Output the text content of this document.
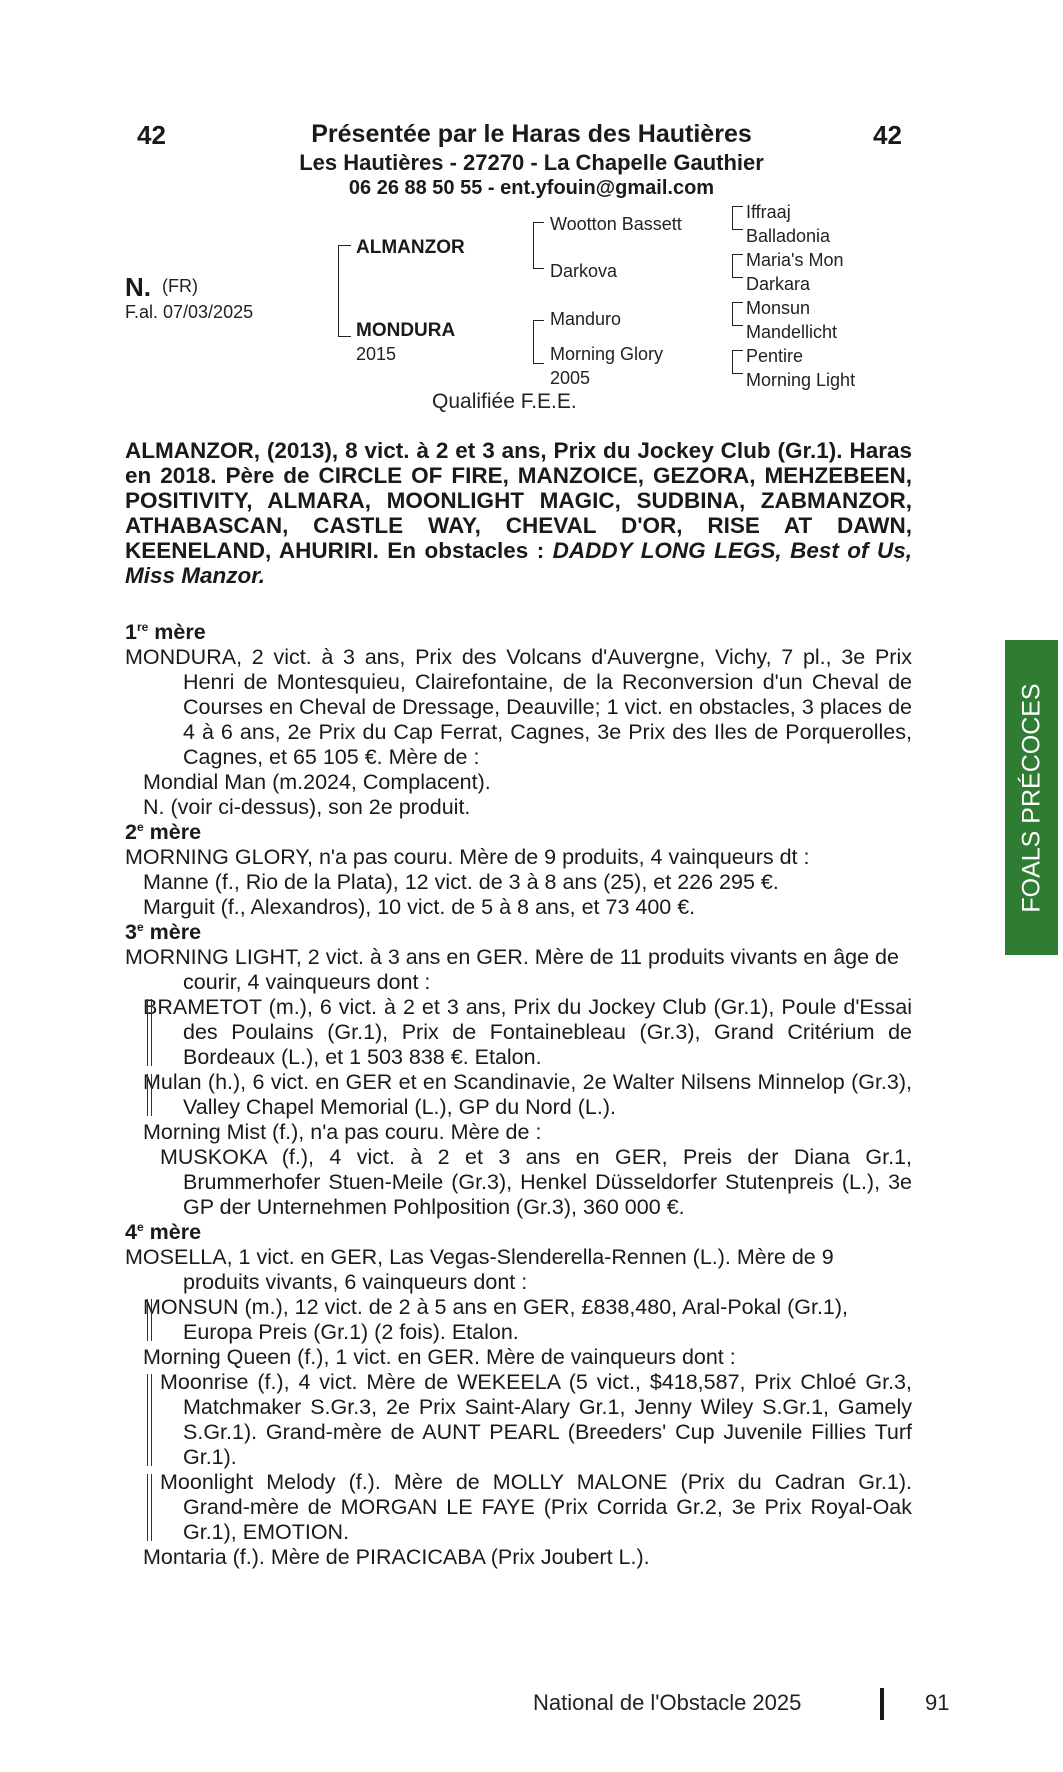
42	42
Présentée par le Haras des Hautières
Les Hautières - 27270 - La Chapelle Gauthier
06 26 88 50 55 - ent.yfouin@gmail.com
N. (FR)
F.al. 07/03/2025
ALMANZOR
MONDURA
2015
Wootton Bassett
Darkova
Manduro
Morning Glory
2005
Iffraaj
Balladonia
Maria's Mon
Darkara
Monsun
Mandellicht
Pentire
Morning Light
Qualifiée F.E.E.
ALMANZOR, (2013), 8 vict. à 2 et 3 ans, Prix du Jockey Club (Gr.1). Haras en 2018. Père de CIRCLE OF FIRE, MANZOICE, GEZORA, MEHZEBEEN, POSITIVITY, ALMARA, MOONLIGHT MAGIC, SUDBINA, ZABMANZOR, ATHABASCAN, CASTLE WAY, CHEVAL D'OR, RISE AT DAWN, KEENELAND, AHURIRI. En obstacles : DADDY LONG LEGS, Best of Us, Miss Manzor.

1re mère

MONDURA, 2 vict. à 3 ans, Prix des Volcans d'Auvergne, Vichy, 7 pl., 3e Prix Henri de Montesquieu, Clairefontaine, de la Reconversion d'un Cheval de Courses en Cheval de Dressage, Deauville; 1 vict. en obstacles, 3 places de 4 à 6 ans, 2e Prix du Cap Ferrat, Cagnes, 3e Prix des Iles de Porquerolles, Cagnes, et 65 105 €. Mère de :

Mondial Man (m.2024, Complacent).

N. (voir ci-dessus), son 2e produit.

2e mère

MORNING GLORY, n'a pas couru. Mère de 9 produits, 4 vainqueurs dt :

Manne (f., Rio de la Plata), 12 vict. de 3 à 8 ans (25), et 226 295 €.

Marguit (f., Alexandros), 10 vict. de 5 à 8 ans, et 73 400 €.

3e mère

MORNING LIGHT, 2 vict. à 3 ans en GER. Mère de 11 produits vivants en âge de courir, 4 vainqueurs dont :

BRAMETOT (m.), 6 vict. à 2 et 3 ans, Prix du Jockey Club (Gr.1), Poule d'Essai des Poulains (Gr.1), Prix de Fontainebleau (Gr.3), Grand Critérium de Bordeaux (L.), et 1 503 838 €. Etalon.

Mulan (h.), 6 vict. en GER et en Scandinavie, 2e Walter Nilsens Minnelop (Gr.3), Valley Chapel Memorial (L.), GP du Nord (L.).

Morning Mist (f.), n'a pas couru. Mère de :

MUSKOKA (f.), 4 vict. à 2 et 3 ans en GER, Preis der Diana Gr.1, Brummerhofer Stuen-Meile (Gr.3), Henkel Düsseldorfer Stutenpreis (L.), 3e GP der Unternehmen Pohlposition (Gr.3), 360 000 €.

4e mère

MOSELLA, 1 vict. en GER, Las Vegas-Slenderella-Rennen (L.). Mère de 9 produits vivants, 6 vainqueurs dont :

MONSUN (m.), 12 vict. de 2 à 5 ans en GER, £838,480, Aral-Pokal (Gr.1), Europa Preis (Gr.1) (2 fois). Etalon.

Morning Queen (f.), 1 vict. en GER. Mère de vainqueurs dont :

Moonrise (f.), 4 vict. Mère de WEKEELA (5 vict., $418,587, Prix Chloé Gr.3, Matchmaker S.Gr.3, 2e Prix Saint-Alary Gr.1, Jenny Wiley S.Gr.1, Gamely S.Gr.1). Grand-mère de AUNT PEARL (Breeders' Cup Juvenile Fillies Turf Gr.1).

Moonlight Melody (f.). Mère de MOLLY MALONE (Prix du Cadran Gr.1). Grand-mère de MORGAN LE FAYE (Prix Corrida Gr.2, 3e Prix Royal-Oak Gr.1), EMOTION.

Montaria (f.). Mère de PIRACICABA (Prix Joubert L.).

FOALS PRÉCOCES
National de l'Obstacle 2025	91
